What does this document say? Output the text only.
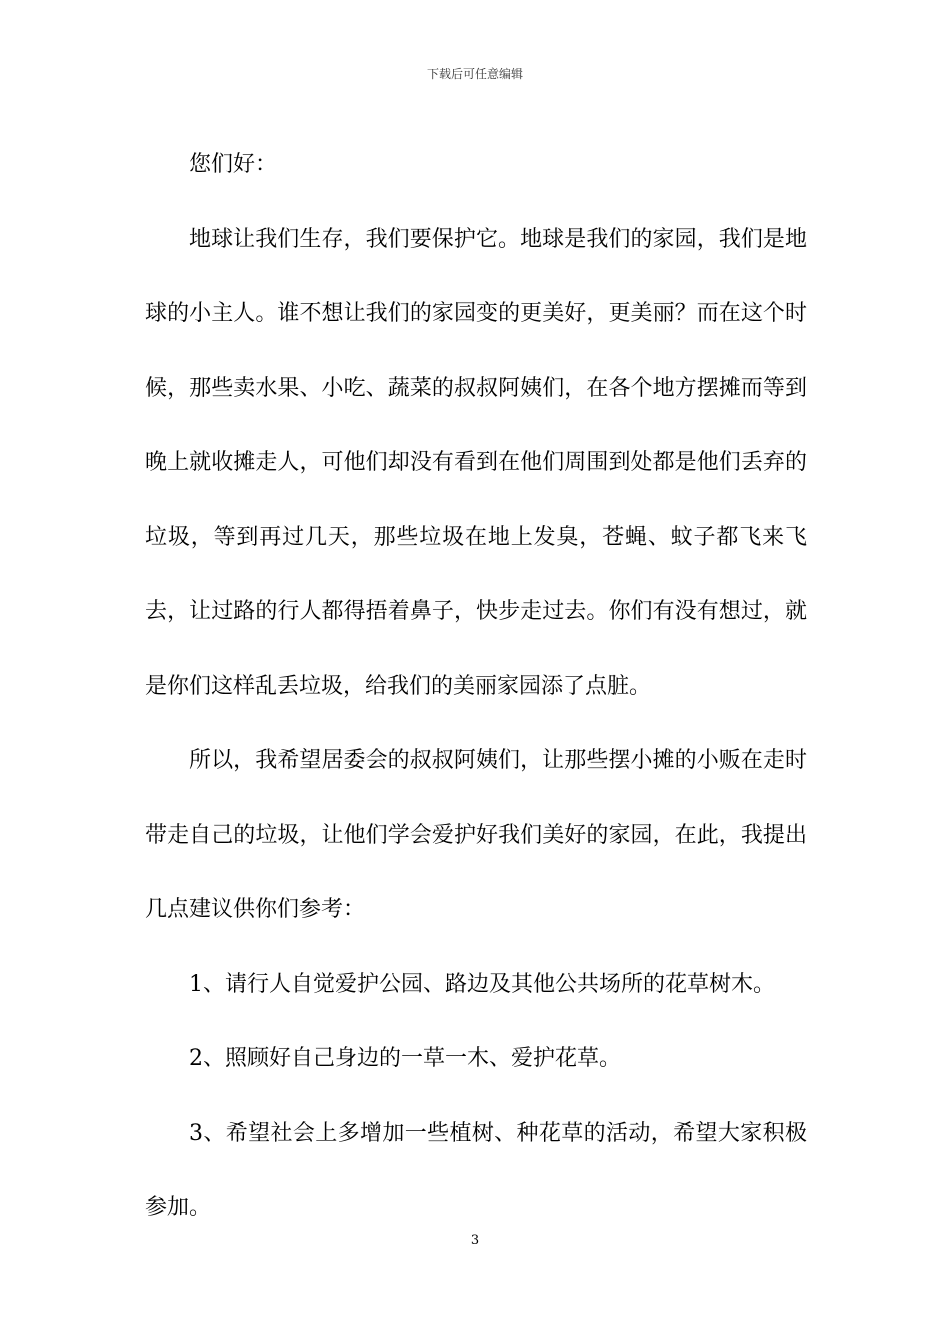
下载后可任意编辑

您们好：

地球让我们生存，我们要保护它。地球是我们的家园，我们是地球的小主人。谁不想让我们的家园变的更美好，更美丽？而在这个时候，那些卖水果、小吃、蔬菜的叔叔阿姨们，在各个地方摆摊而等到晚上就收摊走人，可他们却没有看到在他们周围到处都是他们丢弃的垃圾，等到再过几天，那些垃圾在地上发臭，苍蝇、蚊子都飞来飞去，让过路的行人都得捂着鼻子，快步走过去。你们有没有想过，就是你们这样乱丢垃圾，给我们的美丽家园添了点脏。

所以，我希望居委会的叔叔阿姨们，让那些摆小摊的小贩在走时带走自己的垃圾，让他们学会爱护好我们美好的家园，在此，我提出几点建议供你们参考：

1、请行人自觉爱护公园、路边及其他公共场所的花草树木。

2、照顾好自己身边的一草一木、爱护花草。

3、希望社会上多增加一些植树、种花草的活动，希望大家积极参加。

3
